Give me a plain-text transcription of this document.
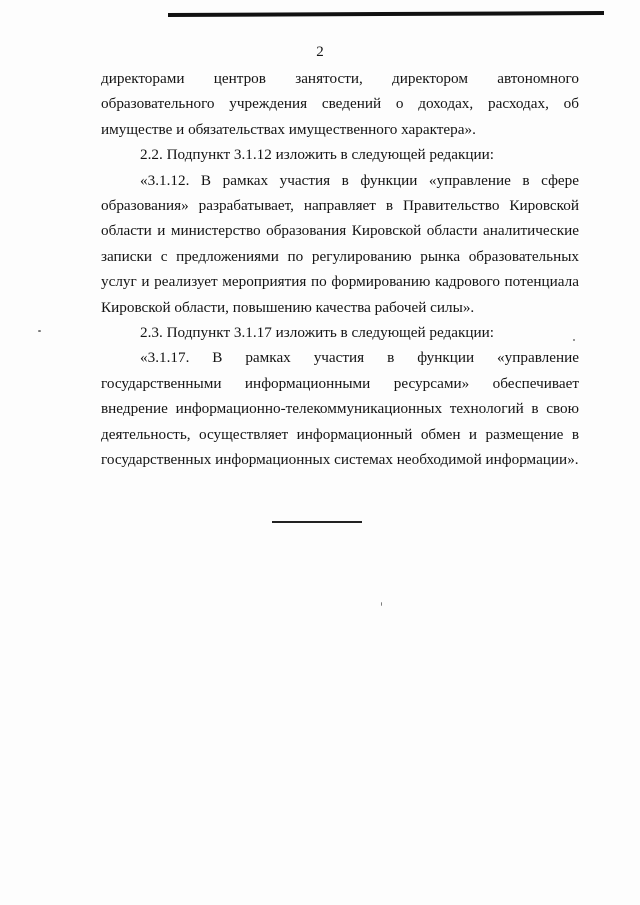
2

директорами центров занятости, директором автономного образовательного учреждения сведений о доходах, расходах, об имуществе и обязательствах имущественного характера».

2.2. Подпункт 3.1.12 изложить в следующей редакции:

«3.1.12. В рамках участия в функции «управление в сфере образования» разрабатывает, направляет в Правительство Кировской области и министерство образования Кировской области аналитические записки с предложениями по регулированию рынка образовательных услуг и реализует мероприятия по формированию кадрового потенциала Кировской области, повышению качества рабочей силы».

2.3. Подпункт 3.1.17 изложить в следующей редакции:

«3.1.17. В рамках участия в функции «управление государственными информационными ресурсами» обеспечивает внедрение информационно-телекоммуникационных технологий в свою деятельность, осуществляет информационный обмен и размещение в государственных информационных системах необходимой информации».
